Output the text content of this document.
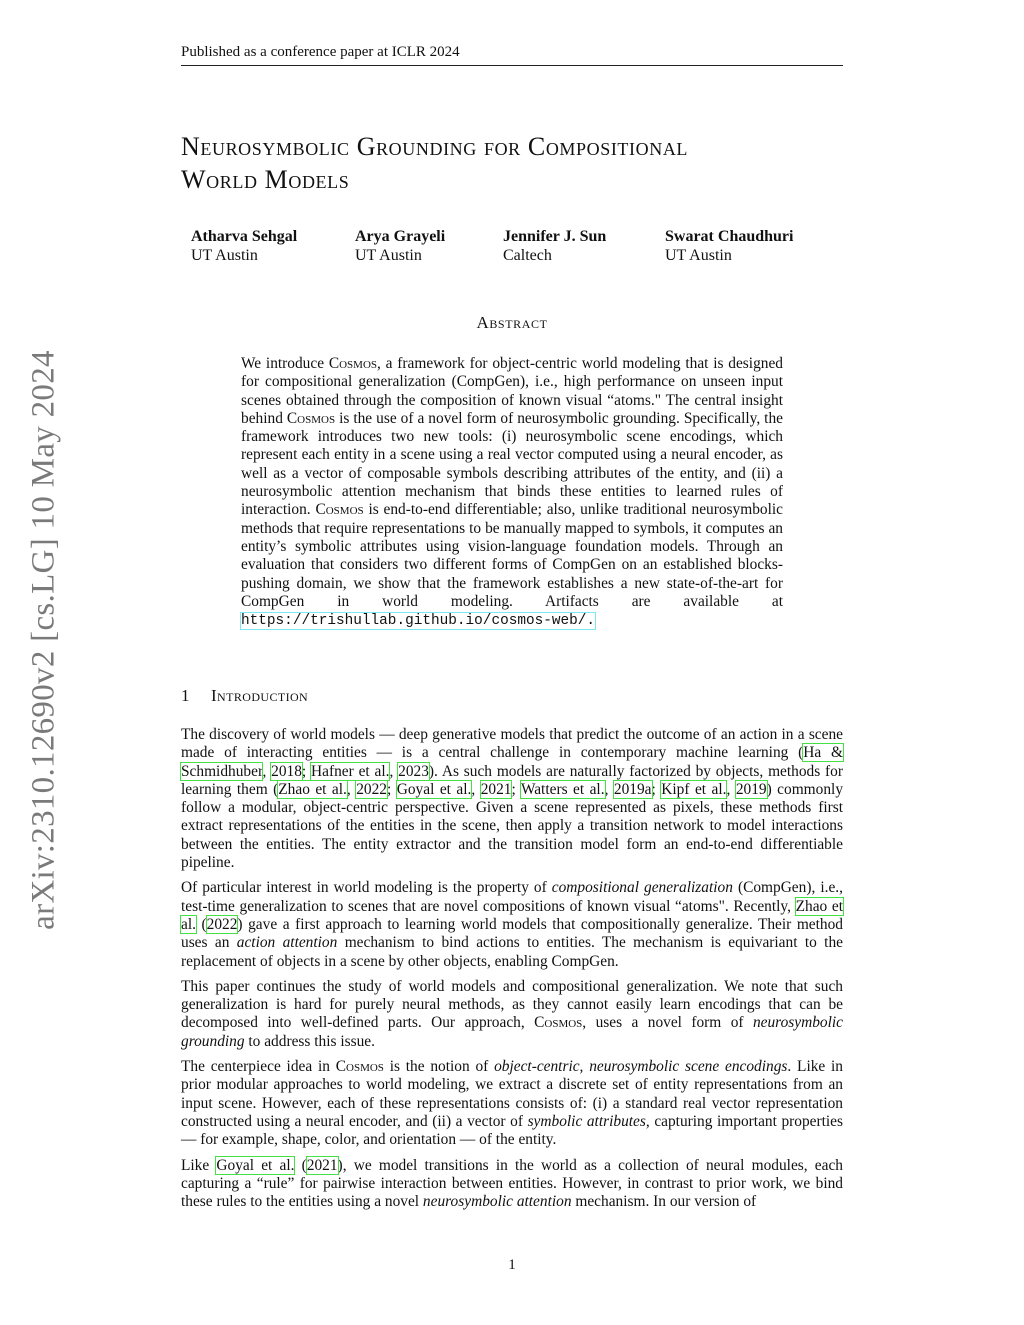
Published as a conference paper at ICLR 2024
arXiv:2310.12690v2 [cs.LG] 10 May 2024
Neurosymbolic Grounding for Compositional
World Models
Atharva Sehgal
UT Austin
Arya Grayeli
UT Austin
Jennifer J. Sun
Caltech
Swarat Chaudhuri
UT Austin
Abstract
We introduce Cosmos, a framework for object-centric world modeling that is designed for compositional generalization (CompGen), i.e., high performance on unseen input scenes obtained through the composition of known visual “atoms." The central insight behind Cosmos is the use of a novel form of neurosymbolic grounding. Specifically, the framework introduces two new tools: (i) neurosymbolic scene encodings, which represent each entity in a scene using a real vector computed using a neural encoder, as well as a vector of composable symbols describing attributes of the entity, and (ii) a neurosymbolic attention mechanism that binds these entities to learned rules of interaction. Cosmos is end-to-end differentiable; also, unlike traditional neurosymbolic methods that require representations to be manually mapped to symbols, it computes an entity’s symbolic attributes using vision-language foundation models. Through an evaluation that considers two different forms of CompGen on an established blocks-pushing domain, we show that the framework establishes a new state-of-the-art for CompGen in world modeling. Artifacts are available at https://trishullab.github.io/cosmos-web/.
1 Introduction

The discovery of world models — deep generative models that predict the outcome of an action in a scene made of interacting entities — is a central challenge in contemporary machine learning (Ha & Schmidhuber, 2018; Hafner et al., 2023). As such models are naturally factorized by objects, methods for learning them (Zhao et al., 2022; Goyal et al., 2021; Watters et al., 2019a; Kipf et al., 2019) commonly follow a modular, object-centric perspective. Given a scene represented as pixels, these methods first extract representations of the entities in the scene, then apply a transition network to model interactions between the entities. The entity extractor and the transition model form an end-to-end differentiable pipeline.

Of particular interest in world modeling is the property of compositional generalization (CompGen), i.e., test-time generalization to scenes that are novel compositions of known visual “atoms". Recently, Zhao et al. (2022) gave a first approach to learning world models that compositionally generalize. Their method uses an action attention mechanism to bind actions to entities. The mechanism is equivariant to the replacement of objects in a scene by other objects, enabling CompGen.

This paper continues the study of world models and compositional generalization. We note that such generalization is hard for purely neural methods, as they cannot easily learn encodings that can be decomposed into well-defined parts. Our approach, Cosmos, uses a novel form of neurosymbolic grounding to address this issue.

The centerpiece idea in Cosmos is the notion of object-centric, neurosymbolic scene encodings. Like in prior modular approaches to world modeling, we extract a discrete set of entity representations from an input scene. However, each of these representations consists of: (i) a standard real vector representation constructed using a neural encoder, and (ii) a vector of symbolic attributes, capturing important properties — for example, shape, color, and orientation — of the entity.

Like Goyal et al. (2021), we model transitions in the world as a collection of neural modules, each capturing a “rule” for pairwise interaction between entities. However, in contrast to prior work, we bind these rules to the entities using a novel neurosymbolic attention mechanism. In our version of

1
